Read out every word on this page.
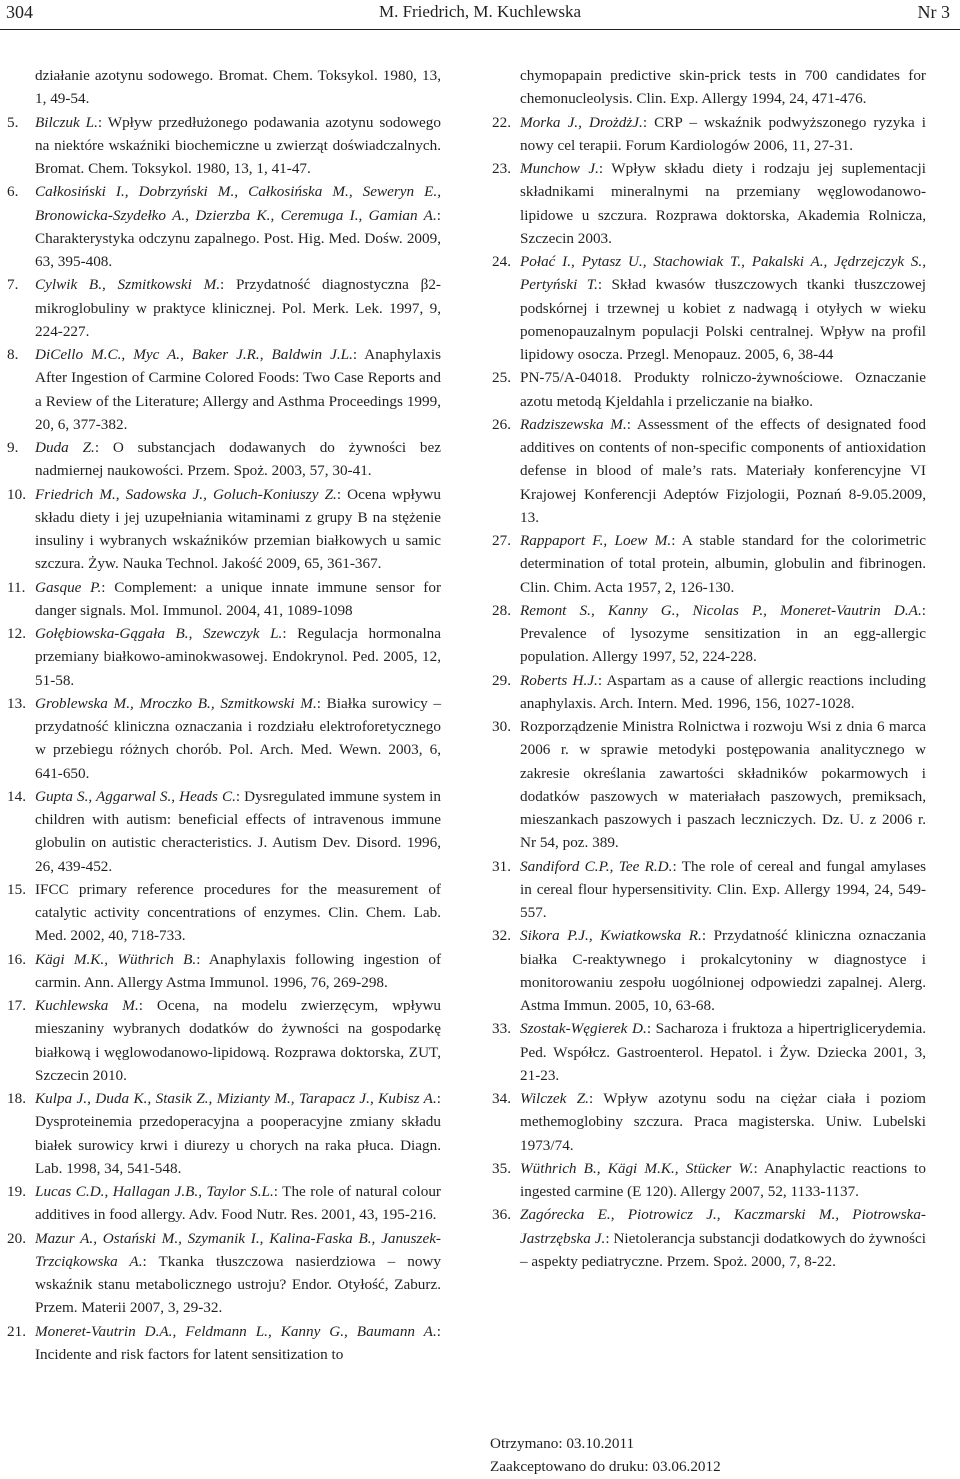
304	M. Friedrich, M. Kuchlewska	Nr 3
działanie azotynu sodowego. Bromat. Chem. Toksykol. 1980, 13, 1, 49-54.
5. Bilczuk L.: Wpływ przedłużonego podawania azotynu sodowego na niektóre wskaźniki biochemiczne u zwierząt doświadczalnych. Bromat. Chem. Toksykol. 1980, 13, 1, 41-47.
6. Całkosiński I., Dobrzyński M., Całkosińska M., Seweryn E., Bronowicka-Szydełko A., Dzierzba K., Ceremuga I., Gamian A.: Charakterystyka odczynu zapalnego. Post. Hig. Med. Dośw. 2009, 63, 395-408.
7. Cylwik B., Szmitkowski M.: Przydatność diagnostyczna β2-mikroglobuliny w praktyce klinicznej. Pol. Merk. Lek. 1997, 9, 224-227.
8. DiCello M.C., Myc A., Baker J.R., Baldwin J.L.: Anaphylaxis After Ingestion of Carmine Colored Foods: Two Case Reports and a Review of the Literature; Allergy and Asthma Proceedings 1999, 20, 6, 377-382.
9. Duda Z.: O substancjach dodawanych do żywności bez nadmiernej naukowości. Przem. Spoż. 2003, 57, 30-41.
10. Friedrich M., Sadowska J., Goluch-Koniuszy Z.: Ocena wpływu składu diety i jej uzupełniania witaminami z grupy B na stężenie insuliny i wybranych wskaźników przemian białkowych u samic szczura. Żyw. Nauka Technol. Jakość 2009, 65, 361-367.
11. Gasque P.: Complement: a unique innate immune sensor for danger signals. Mol. Immunol. 2004, 41, 1089-1098
12. Gołębiowska-Gągała B., Szewczyk L.: Regulacja hormonalna przemiany białkowo-aminokwasowej. Endokrynol. Ped. 2005, 12, 51-58.
13. Groblewska M., Mroczko B., Szmitkowski M.: Białka surowicy – przydatność kliniczna oznaczania i rozdziału elektroforetycznego w przebiegu różnych chorób. Pol. Arch. Med. Wewn. 2003, 6, 641-650.
14. Gupta S., Aggarwal S., Heads C.: Dysregulated immune system in children with autism: beneficial effects of intravenous immune globulin on autistic cheracteristics. J. Autism Dev. Disord. 1996, 26, 439-452.
15. IFCC primary reference procedures for the measurement of catalytic activity concentrations of enzymes. Clin. Chem. Lab. Med. 2002, 40, 718-733.
16. Kägi M.K., Wüthrich B.: Anaphylaxis following ingestion of carmin. Ann. Allergy Astma Immunol. 1996, 76, 269-298.
17. Kuchlewska M.: Ocena, na modelu zwierzęcym, wpływu mieszaniny wybranych dodatków do żywności na gospodarkę białkową i węglowodanowo-lipidową. Rozprawa doktorska, ZUT, Szczecin 2010.
18. Kulpa J., Duda K., Stasik Z., Mizianty M., Tarapacz J., Kubisz A.: Dysproteinemia przedoperacyjna a pooperacyjne zmiany składu białek surowicy krwi i diurezy u chorych na raka płuca. Diagn. Lab. 1998, 34, 541-548.
19. Lucas C.D., Hallagan J.B., Taylor S.L.: The role of natural colour additives in food allergy. Adv. Food Nutr. Res. 2001, 43, 195-216.
20. Mazur A., Ostański M., Szymanik I., Kalina-Faska B., Januszek-Trzciąkowska A.: Tkanka tłuszczowa nasierdziowa – nowy wskaźnik stanu metabolicznego ustroju? Endor. Otyłość, Zaburz. Przem. Materii 2007, 3, 29-32.
21. Moneret-Vautrin D.A., Feldmann L., Kanny G., Baumann A.: Incidente and risk factors for latent sensitization to
chymopapain predictive skin-prick tests in 700 candidates for chemonucleolysis. Clin. Exp. Allergy 1994, 24, 471-476.
22. Morka J., DrożdżJ.: CRP – wskaźnik podwyższonego ryzyka i nowy cel terapii. Forum Kardiologów 2006, 11, 27-31.
23. Munchow J.: Wpływ składu diety i rodzaju jej suplementacji składnikami mineralnymi na przemiany węglowodanowo-lipidowe u szczura. Rozprawa doktorska, Akademia Rolnicza, Szczecin 2003.
24. Połać I., Pytasz U., Stachowiak T., Pakalski A., Jędrzejczyk S., Pertyński T.: Skład kwasów tłuszczowych tkanki tłuszczowej podskórnej i trzewnej u kobiet z nadwagą i otyłych w wieku pomenopauzalnym populacji Polski centralnej. Wpływ na profil lipidowy osocza. Przegl. Menopauz. 2005, 6, 38-44
25. PN-75/A-04018. Produkty rolniczo-żywnościowe. Oznaczanie azotu metodą Kjeldahla i przeliczanie na białko.
26. Radziszewska M.: Assessment of the effects of designated food additives on contents of non-specific components of antioxidation defense in blood of male’s rats. Materiały konferencyjne VI Krajowej Konferencji Adeptów Fizjologii, Poznań 8-9.05.2009, 13.
27. Rappaport F., Loew M.: A stable standard for the colorimetric determination of total protein, albumin, globulin and fibrinogen. Clin. Chim. Acta 1957, 2, 126-130.
28. Remont S., Kanny G., Nicolas P., Moneret-Vautrin D.A.: Prevalence of lysozyme sensitization in an egg-allergic population. Allergy 1997, 52, 224-228.
29. Roberts H.J.: Aspartam as a cause of allergic reactions including anaphylaxis. Arch. Intern. Med. 1996, 156, 1027-1028.
30. Rozporządzenie Ministra Rolnictwa i rozwoju Wsi z dnia 6 marca 2006 r. w sprawie metodyki postępowania analitycznego w zakresie określania zawartości składników pokarmowych i dodatków paszowych w materiałach paszowych, premiksach, mieszankach paszowych i paszach leczniczych. Dz. U. z 2006 r. Nr 54, poz. 389.
31. Sandiford C.P., Tee R.D.: The role of cereal and fungal amylases in cereal flour hypersensitivity. Clin. Exp. Allergy 1994, 24, 549-557.
32. Sikora P.J., Kwiatkowska R.: Przydatność kliniczna oznaczania białka C-reaktywnego i prokalcytoniny w diagnostyce i monitorowaniu zespołu uogólnionej odpowiedzi zapalnej. Alerg. Astma Immun. 2005, 10, 63-68.
33. Szostak-Węgierek D.: Sacharoza i fruktoza a hipertriglicerydemia. Ped. Współcz. Gastroenterol. Hepatol. i Żyw. Dziecka 2001, 3, 21-23.
34. Wilczek Z.: Wpływ azotynu sodu na ciężar ciała i poziom methemoglobiny szczura. Praca magisterska. Uniw. Lubelski 1973/74.
35. Wüthrich B., Kägi M.K., Stücker W.: Anaphylactic reactions to ingested carmine (E 120). Allergy 2007, 52, 1133-1137.
36. Zagórecka E., Piotrowicz J., Kaczmarski M., Piotrowska-Jastrzębska J.: Nietolerancja substancji dodatkowych do żywności – aspekty pediatryczne. Przem. Spoż. 2000, 7, 8-22.
Otrzymano: 03.10.2011
Zaakceptowano do druku: 03.06.2012
